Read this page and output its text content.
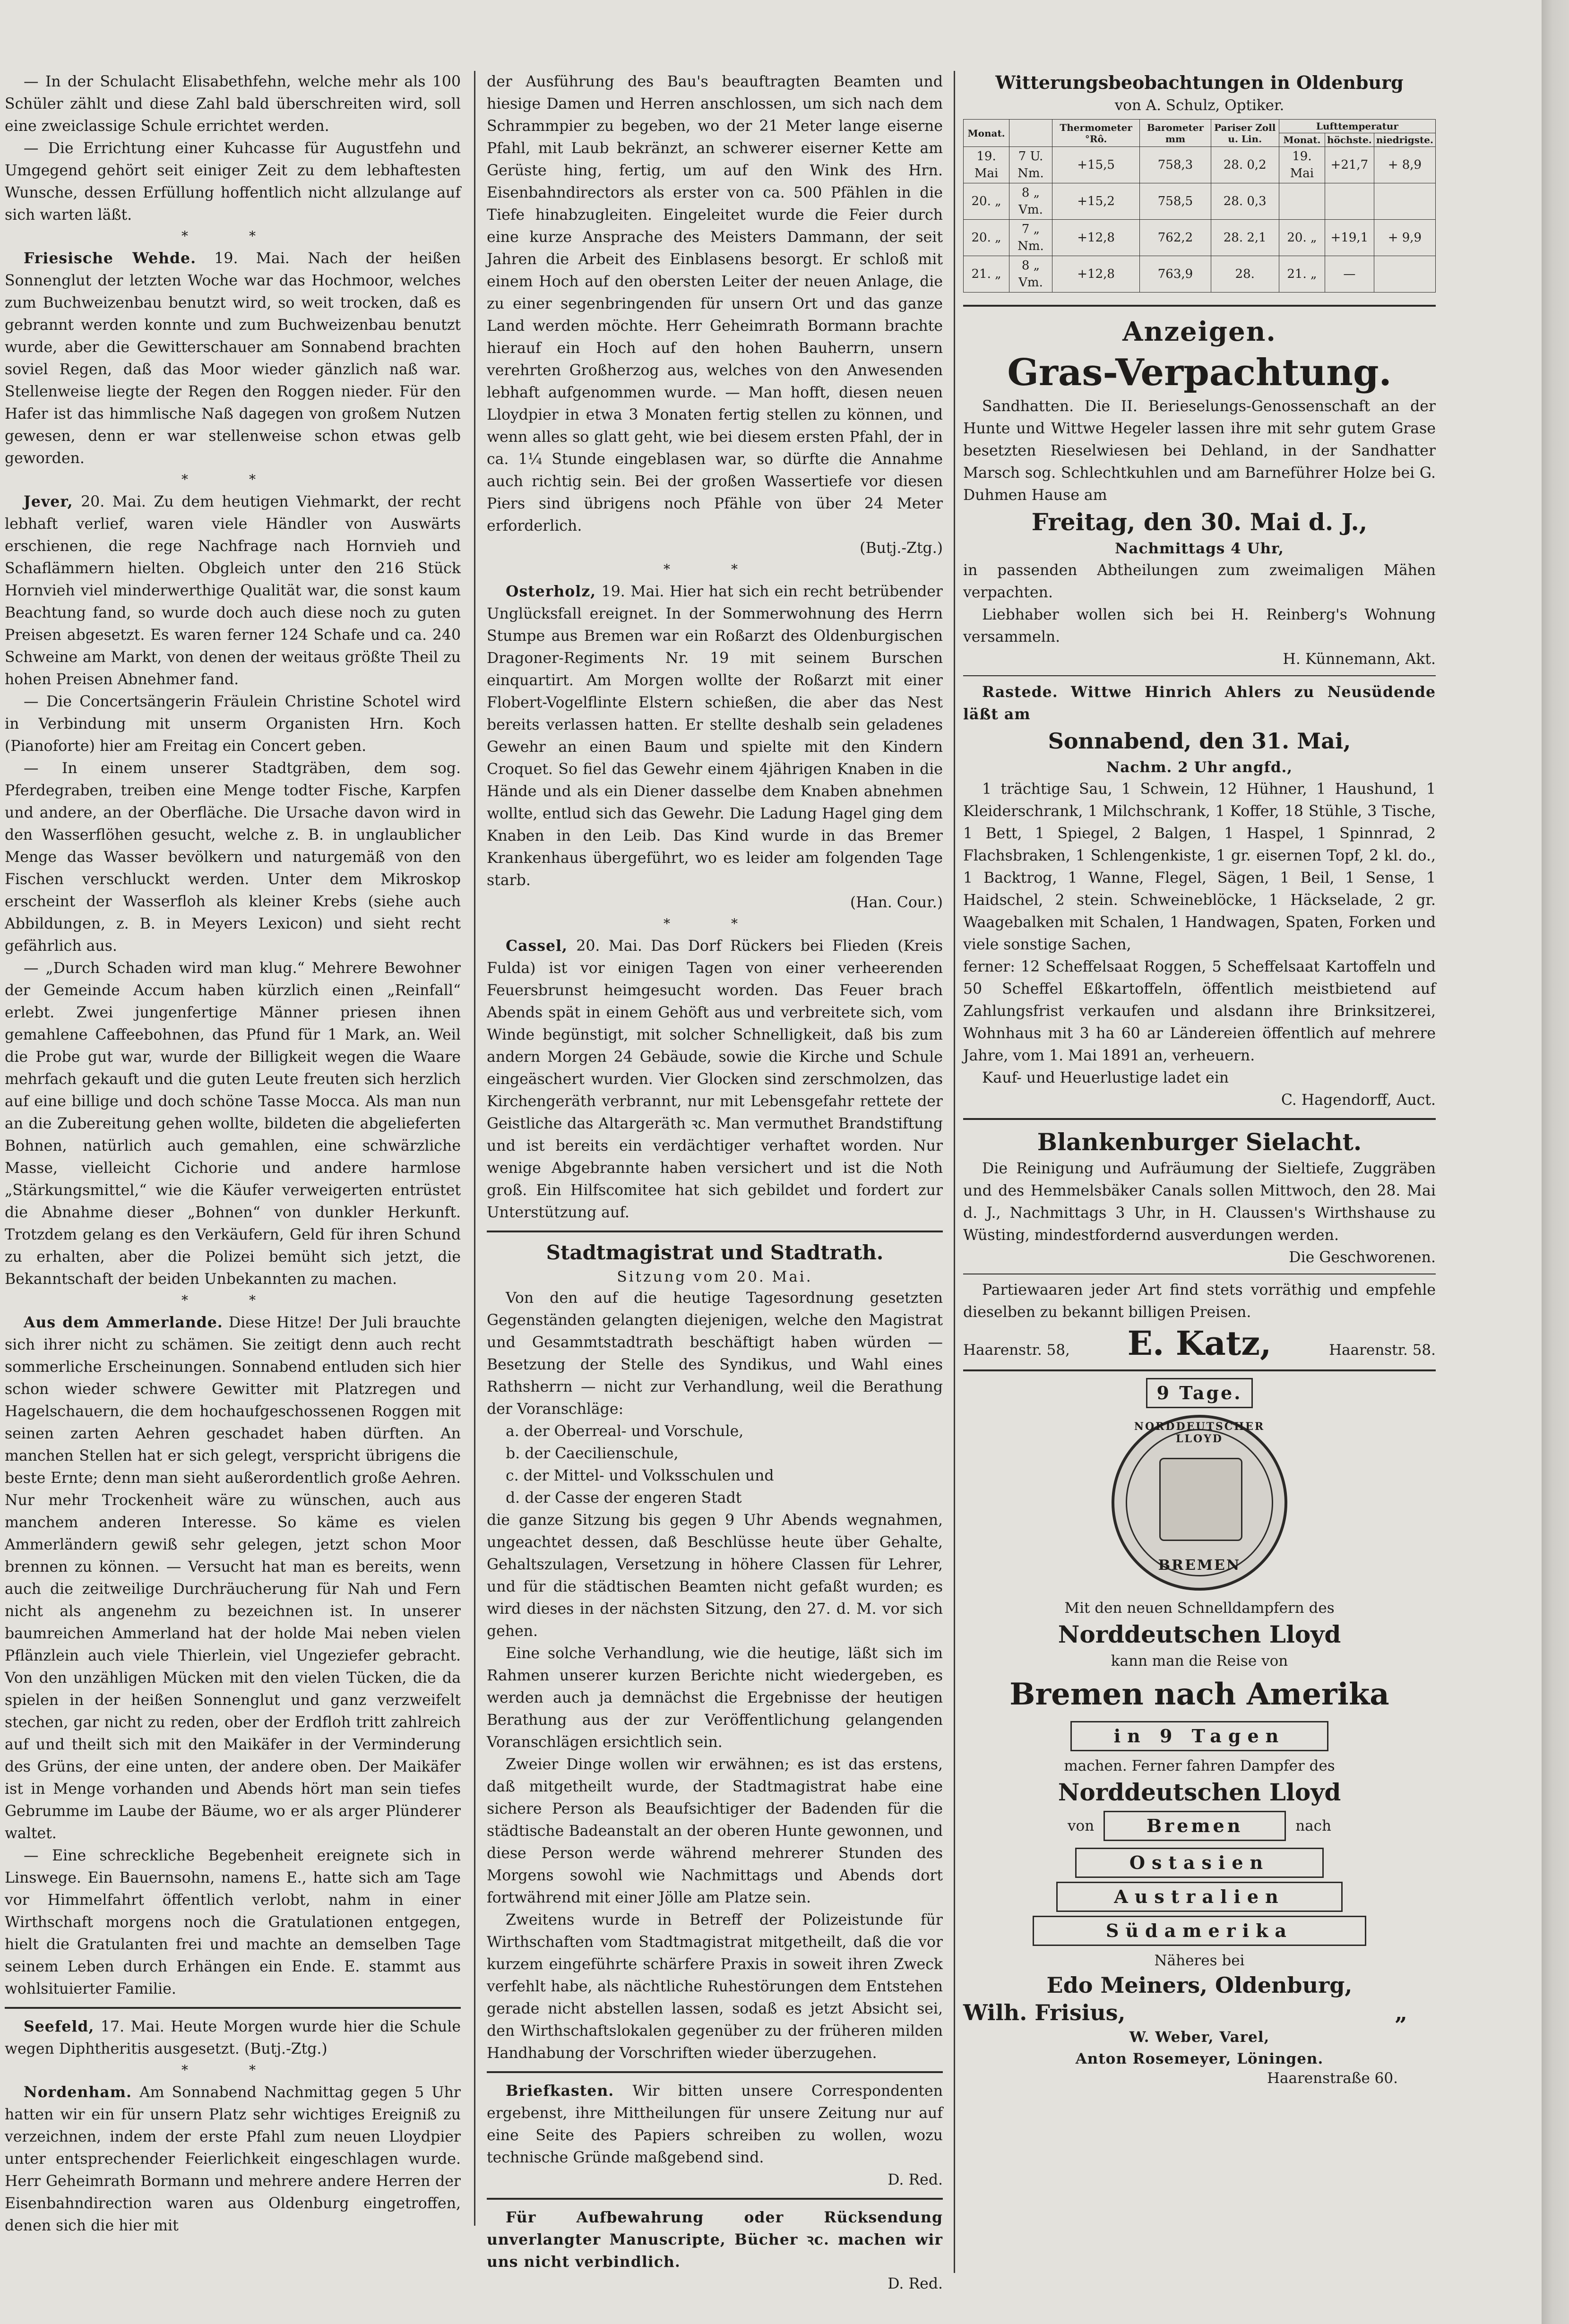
— In der Schulacht Elisabethfehn, welche mehr als 100 Schüler zählt und diese Zahl bald überschreiten wird, soll eine zweiclassige Schule errichtet werden.

— Die Errichtung einer Kuhcasse für Augustfehn und Umgegend gehört seit einiger Zeit zu dem lebhaftesten Wunsche, dessen Erfüllung hoffentlich nicht allzulange auf sich warten läßt.

* *

Friesische Wehde. 19. Mai. Nach der heißen Sonnenglut der letzten Woche war das Hochmoor, welches zum Buchweizenbau benutzt wird, so weit trocken, daß es gebrannt werden konnte und zum Buchweizenbau benutzt wurde, aber die Gewitterschauer am Sonnabend brachten soviel Regen, daß das Moor wieder gänzlich naß war. Stellenweise liegte der Regen den Roggen nieder. Für den Hafer ist das himmlische Naß dagegen von großem Nutzen gewesen, denn er war stellenweise schon etwas gelb geworden.

* *

Jever, 20. Mai. Zu dem heutigen Viehmarkt, der recht lebhaft verlief, waren viele Händler von Auswärts erschienen, die rege Nachfrage nach Hornvieh und Schaflämmern hielten. Obgleich unter den 216 Stück Hornvieh viel minderwerthige Qualität war, die sonst kaum Beachtung fand, so wurde doch auch diese noch zu guten Preisen abgesetzt. Es waren ferner 124 Schafe und ca. 240 Schweine am Markt, von denen der weitaus größte Theil zu hohen Preisen Abnehmer fand.

— Die Concertsängerin Fräulein Christine Schotel wird in Verbindung mit unserm Organisten Hrn. Koch (Pianoforte) hier am Freitag ein Concert geben.

— In einem unserer Stadtgräben, dem sog. Pferdegraben, treiben eine Menge todter Fische, Karpfen und andere, an der Oberfläche. Die Ursache davon wird in den Wasserflöhen gesucht, welche z. B. in unglaublicher Menge das Wasser bevölkern und naturgemäß von den Fischen verschluckt werden. Unter dem Mikroskop erscheint der Wasserfloh als kleiner Krebs (siehe auch Abbildungen, z. B. in Meyers Lexicon) und sieht recht gefährlich aus.

— „Durch Schaden wird man klug.“ Mehrere Bewohner der Gemeinde Accum haben kürzlich einen „Reinfall“ erlebt. Zwei jungenfertige Männer priesen ihnen gemahlene Caffeebohnen, das Pfund für 1 Mark, an. Weil die Probe gut war, wurde der Billigkeit wegen die Waare mehrfach gekauft und die guten Leute freuten sich herzlich auf eine billige und doch schöne Tasse Mocca. Als man nun an die Zubereitung gehen wollte, bildeten die abgelieferten Bohnen, natürlich auch gemahlen, eine schwärzliche Masse, vielleicht Cichorie und andere harmlose „Stärkungsmittel,“ wie die Käufer verweigerten entrüstet die Abnahme dieser „Bohnen“ von dunkler Herkunft. Trotzdem gelang es den Verkäufern, Geld für ihren Schund zu erhalten, aber die Polizei bemüht sich jetzt, die Bekanntschaft der beiden Unbekannten zu machen.

* *

Aus dem Ammerlande. Diese Hitze! Der Juli brauchte sich ihrer nicht zu schämen. Sie zeitigt denn auch recht sommerliche Erscheinungen. Sonnabend entluden sich hier schon wieder schwere Gewitter mit Platzregen und Hagelschauern, die dem hochaufgeschossenen Roggen mit seinen zarten Aehren geschadet haben dürften. An manchen Stellen hat er sich gelegt, verspricht übrigens die beste Ernte; denn man sieht außerordentlich große Aehren. Nur mehr Trockenheit wäre zu wünschen, auch aus manchem anderen Interesse. So käme es vielen Ammerländern gewiß sehr gelegen, jetzt schon Moor brennen zu können. — Versucht hat man es bereits, wenn auch die zeitweilige Durchräucherung für Nah und Fern nicht als angenehm zu bezeichnen ist. In unserer baumreichen Ammerland hat der holde Mai neben vielen Pflänzlein auch viele Thierlein, viel Ungeziefer gebracht. Von den unzähligen Mücken mit den vielen Tücken, die da spielen in der heißen Sonnenglut und ganz verzweifelt stechen, gar nicht zu reden, ober der Erdfloh tritt zahlreich auf und theilt sich mit den Maikäfer in der Verminderung des Grüns, der eine unten, der andere oben. Der Maikäfer ist in Menge vorhanden und Abends hört man sein tiefes Gebrumme im Laube der Bäume, wo er als arger Plünderer waltet.

— Eine schreckliche Begebenheit ereignete sich in Linswege. Ein Bauernsohn, namens E., hatte sich am Tage vor Himmelfahrt öffentlich verlobt, nahm in einer Wirthschaft morgens noch die Gratulationen entgegen, hielt die Gratulanten frei und machte an demselben Tage seinem Leben durch Erhängen ein Ende. E. stammt aus wohlsituierter Familie.

Seefeld, 17. Mai. Heute Morgen wurde hier die Schule wegen Diphtheritis ausgesetzt. (Butj.-Ztg.)

* *

Nordenham. Am Sonnabend Nachmittag gegen 5 Uhr hatten wir ein für unsern Platz sehr wichtiges Ereigniß zu verzeichnen, indem der erste Pfahl zum neuen Lloydpier unter entsprechender Feierlichkeit eingeschlagen wurde. Herr Geheimrath Bormann und mehrere andere Herren der Eisenbahndirection waren aus Oldenburg eingetroffen, denen sich die hier mit

der Ausführung des Bau's beauftragten Beamten und hiesige Damen und Herren anschlossen, um sich nach dem Schrammpier zu begeben, wo der 21 Meter lange eiserne Pfahl, mit Laub bekränzt, an schwerer eiserner Kette am Gerüste hing, fertig, um auf den Wink des Hrn. Eisenbahndirectors als erster von ca. 500 Pfählen in die Tiefe hinabzugleiten. Eingeleitet wurde die Feier durch eine kurze Ansprache des Meisters Dammann, der seit Jahren die Arbeit des Einblasens besorgt. Er schloß mit einem Hoch auf den obersten Leiter der neuen Anlage, die zu einer segenbringenden für unsern Ort und das ganze Land werden möchte. Herr Geheimrath Bormann brachte hierauf ein Hoch auf den hohen Bauherrn, unsern verehrten Großherzog aus, welches von den Anwesenden lebhaft aufgenommen wurde. — Man hofft, diesen neuen Lloydpier in etwa 3 Monaten fertig stellen zu können, und wenn alles so glatt geht, wie bei diesem ersten Pfahl, der in ca. 1¼ Stunde eingeblasen war, so dürfte die Annahme auch richtig sein. Bei der großen Wassertiefe vor diesen Piers sind übrigens noch Pfähle von über 24 Meter erforderlich.

(Butj.-Ztg.)

* *

Osterholz, 19. Mai. Hier hat sich ein recht betrübender Unglücksfall ereignet. In der Sommerwohnung des Herrn Stumpe aus Bremen war ein Roßarzt des Oldenburgischen Dragoner-Regiments Nr. 19 mit seinem Burschen einquartirt. Am Morgen wollte der Roßarzt mit einer Flobert-Vogelflinte Elstern schießen, die aber das Nest bereits verlassen hatten. Er stellte deshalb sein geladenes Gewehr an einen Baum und spielte mit den Kindern Croquet. So fiel das Gewehr einem 4jährigen Knaben in die Hände und als ein Diener dasselbe dem Knaben abnehmen wollte, entlud sich das Gewehr. Die Ladung Hagel ging dem Knaben in den Leib. Das Kind wurde in das Bremer Krankenhaus übergeführt, wo es leider am folgenden Tage starb.

(Han. Cour.)

* *

Cassel, 20. Mai. Das Dorf Rückers bei Flieden (Kreis Fulda) ist vor einigen Tagen von einer verheerenden Feuersbrunst heimgesucht worden. Das Feuer brach Abends spät in einem Gehöft aus und verbreitete sich, vom Winde begünstigt, mit solcher Schnelligkeit, daß bis zum andern Morgen 24 Gebäude, sowie die Kirche und Schule eingeäschert wurden. Vier Glocken sind zerschmolzen, das Kirchengeräth verbrannt, nur mit Lebensgefahr rettete der Geistliche das Altargeräth ꝛc. Man vermuthet Brandstiftung und ist bereits ein verdächtiger verhaftet worden. Nur wenige Abgebrannte haben versichert und ist die Noth groß. Ein Hilfscomitee hat sich gebildet und fordert zur Unterstützung auf.

Stadtmagistrat und Stadtrath.
Sitzung vom 20. Mai.

Von den auf die heutige Tagesordnung gesetzten Gegenständen gelangten diejenigen, welche den Magistrat und Gesammtstadtrath beschäftigt haben würden — Besetzung der Stelle des Syndikus, und Wahl eines Rathsherrn — nicht zur Verhandlung, weil die Berathung der Voranschläge:

a. der Oberreal- und Vorschule,

b. der Caecilienschule,

c. der Mittel- und Volksschulen und

d. der Casse der engeren Stadt

die ganze Sitzung bis gegen 9 Uhr Abends wegnahmen, ungeachtet dessen, daß Beschlüsse heute über Gehalte, Gehaltszulagen, Versetzung in höhere Classen für Lehrer, und für die städtischen Beamten nicht gefaßt wurden; es wird dieses in der nächsten Sitzung, den 27. d. M. vor sich gehen.

Eine solche Verhandlung, wie die heutige, läßt sich im Rahmen unserer kurzen Berichte nicht wiedergeben, es werden auch ja demnächst die Ergebnisse der heutigen Berathung aus der zur Veröffentlichung gelangenden Voranschlägen ersichtlich sein.

Zweier Dinge wollen wir erwähnen; es ist das erstens, daß mitgetheilt wurde, der Stadtmagistrat habe eine sichere Person als Beaufsichtiger der Badenden für die städtische Badeanstalt an der oberen Hunte gewonnen, und diese Person werde während mehrerer Stunden des Morgens sowohl wie Nachmittags und Abends dort fortwährend mit einer Jölle am Platze sein.

Zweitens wurde in Betreff der Polizeistunde für Wirthschaften vom Stadtmagistrat mitgetheilt, daß die vor kurzem eingeführte schärfere Praxis in soweit ihren Zweck verfehlt habe, als nächtliche Ruhestörungen dem Entstehen gerade nicht abstellen lassen, sodaß es jetzt Absicht sei, den Wirthschaftslokalen gegenüber zu der früheren milden Handhabung der Vorschriften wieder überzugehen.

Briefkasten. Wir bitten unsere Correspondenten ergebenst, ihre Mittheilungen für unsere Zeitung nur auf eine Seite des Papiers schreiben zu wollen, wozu technische Gründe maßgebend sind.

D. Red.

Für Aufbewahrung oder Rücksendung unverlangter Manuscripte, Bücher ꝛc. machen wir uns nicht verbindlich.

D. Red.

Witterungsbeobachtungen in Oldenburg
von A. Schulz, Optiker.
Monat.		Thermometer °Rô.	Barometer mm	Pariser Zoll u. Lin.	Lufttemperatur		
					Monat.	höchste.	niedrigste.
19. Mai	7 U. Nm.	+15,5	758,3	28. 0,2	19. Mai	+21,7	+ 8,9
20. „	8 „ Vm.	+15,2	758,5	28. 0,3			
20. „	7 „ Nm.	+12,8	762,2	28. 2,1	20. „	+19,1	+ 9,9
21. „	8 „ Vm.	+12,8	763,9	28.	21. „	—	
Anzeigen.
Gras-Verpachtung.

Sandhatten. Die II. Berieselungs-Genossenschaft an der Hunte und Wittwe Hegeler lassen ihre mit sehr gutem Grase besetzten Rieselwiesen bei Dehland, in der Sandhatter Marsch sog. Schlechtkuhlen und am Barneführer Holze bei G. Duhmen Hause am

Freitag, den 30. Mai d. J.,
Nachmittags 4 Uhr,

in passenden Abtheilungen zum zweimaligen Mähen verpachten.

Liebhaber wollen sich bei H. Reinberg's Wohnung versammeln.

H. Künnemann, Akt.

Rastede. Wittwe Hinrich Ahlers zu Neusüdende läßt am

Sonnabend, den 31. Mai,
Nachm. 2 Uhr angfd.,

1 trächtige Sau, 1 Schwein, 12 Hühner, 1 Haushund, 1 Kleiderschrank, 1 Milchschrank, 1 Koffer, 18 Stühle, 3 Tische, 1 Bett, 1 Spiegel, 2 Balgen, 1 Haspel, 1 Spinnrad, 2 Flachsbraken, 1 Schlengenkiste, 1 gr. eisernen Topf, 2 kl. do., 1 Backtrog, 1 Wanne, Flegel, Sägen, 1 Beil, 1 Sense, 1 Haidschel, 2 stein. Schweineblöcke, 1 Häckselade, 2 gr. Waagebalken mit Schalen, 1 Handwagen, Spaten, Forken und viele sonstige Sachen,

ferner: 12 Scheffelsaat Roggen, 5 Scheffelsaat Kartoffeln und 50 Scheffel Eßkartoffeln, öffentlich meistbietend auf Zahlungsfrist verkaufen und alsdann ihre Brinksitzerei, Wohnhaus mit 3 ha 60 ar Ländereien öffentlich auf mehrere Jahre, vom 1. Mai 1891 an, verheuern.

Kauf- und Heuerlustige ladet ein

C. Hagendorff, Auct.

Blankenburger Sielacht.

Die Reinigung und Aufräumung der Sieltiefe, Zuggräben und des Hemmelsbäker Canals sollen Mittwoch, den 28. Mai d. J., Nachmittags 3 Uhr, in H. Claussen's Wirthshause zu Wüsting, mindestfordernd ausverdungen werden.

Die Geschworenen.

Partiewaaren jeder Art find stets vorräthig und empfehle dieselben zu bekannt billigen Preisen.

Haarenstr. 58, E. Katz,	Haarenstr. 58.
9 Tage.
NORDDEUTSCHER LLOYD
BREMEN
Mit den neuen Schnelldampfern des
Norddeutschen Lloyd
kann man die Reise von
Bremen nach Amerika
in 9 Tagen
machen. Ferner fahren Dampfer des
Norddeutschen Lloyd
von	Bremen	nach
Ostasien
Australien
Südamerika
Näheres bei
Edo Meiners, Oldenburg,
Wilh. Frisius,	„
W. Weber, Varel,
Anton Rosemeyer, Löningen.
Haarenstraße 60.
